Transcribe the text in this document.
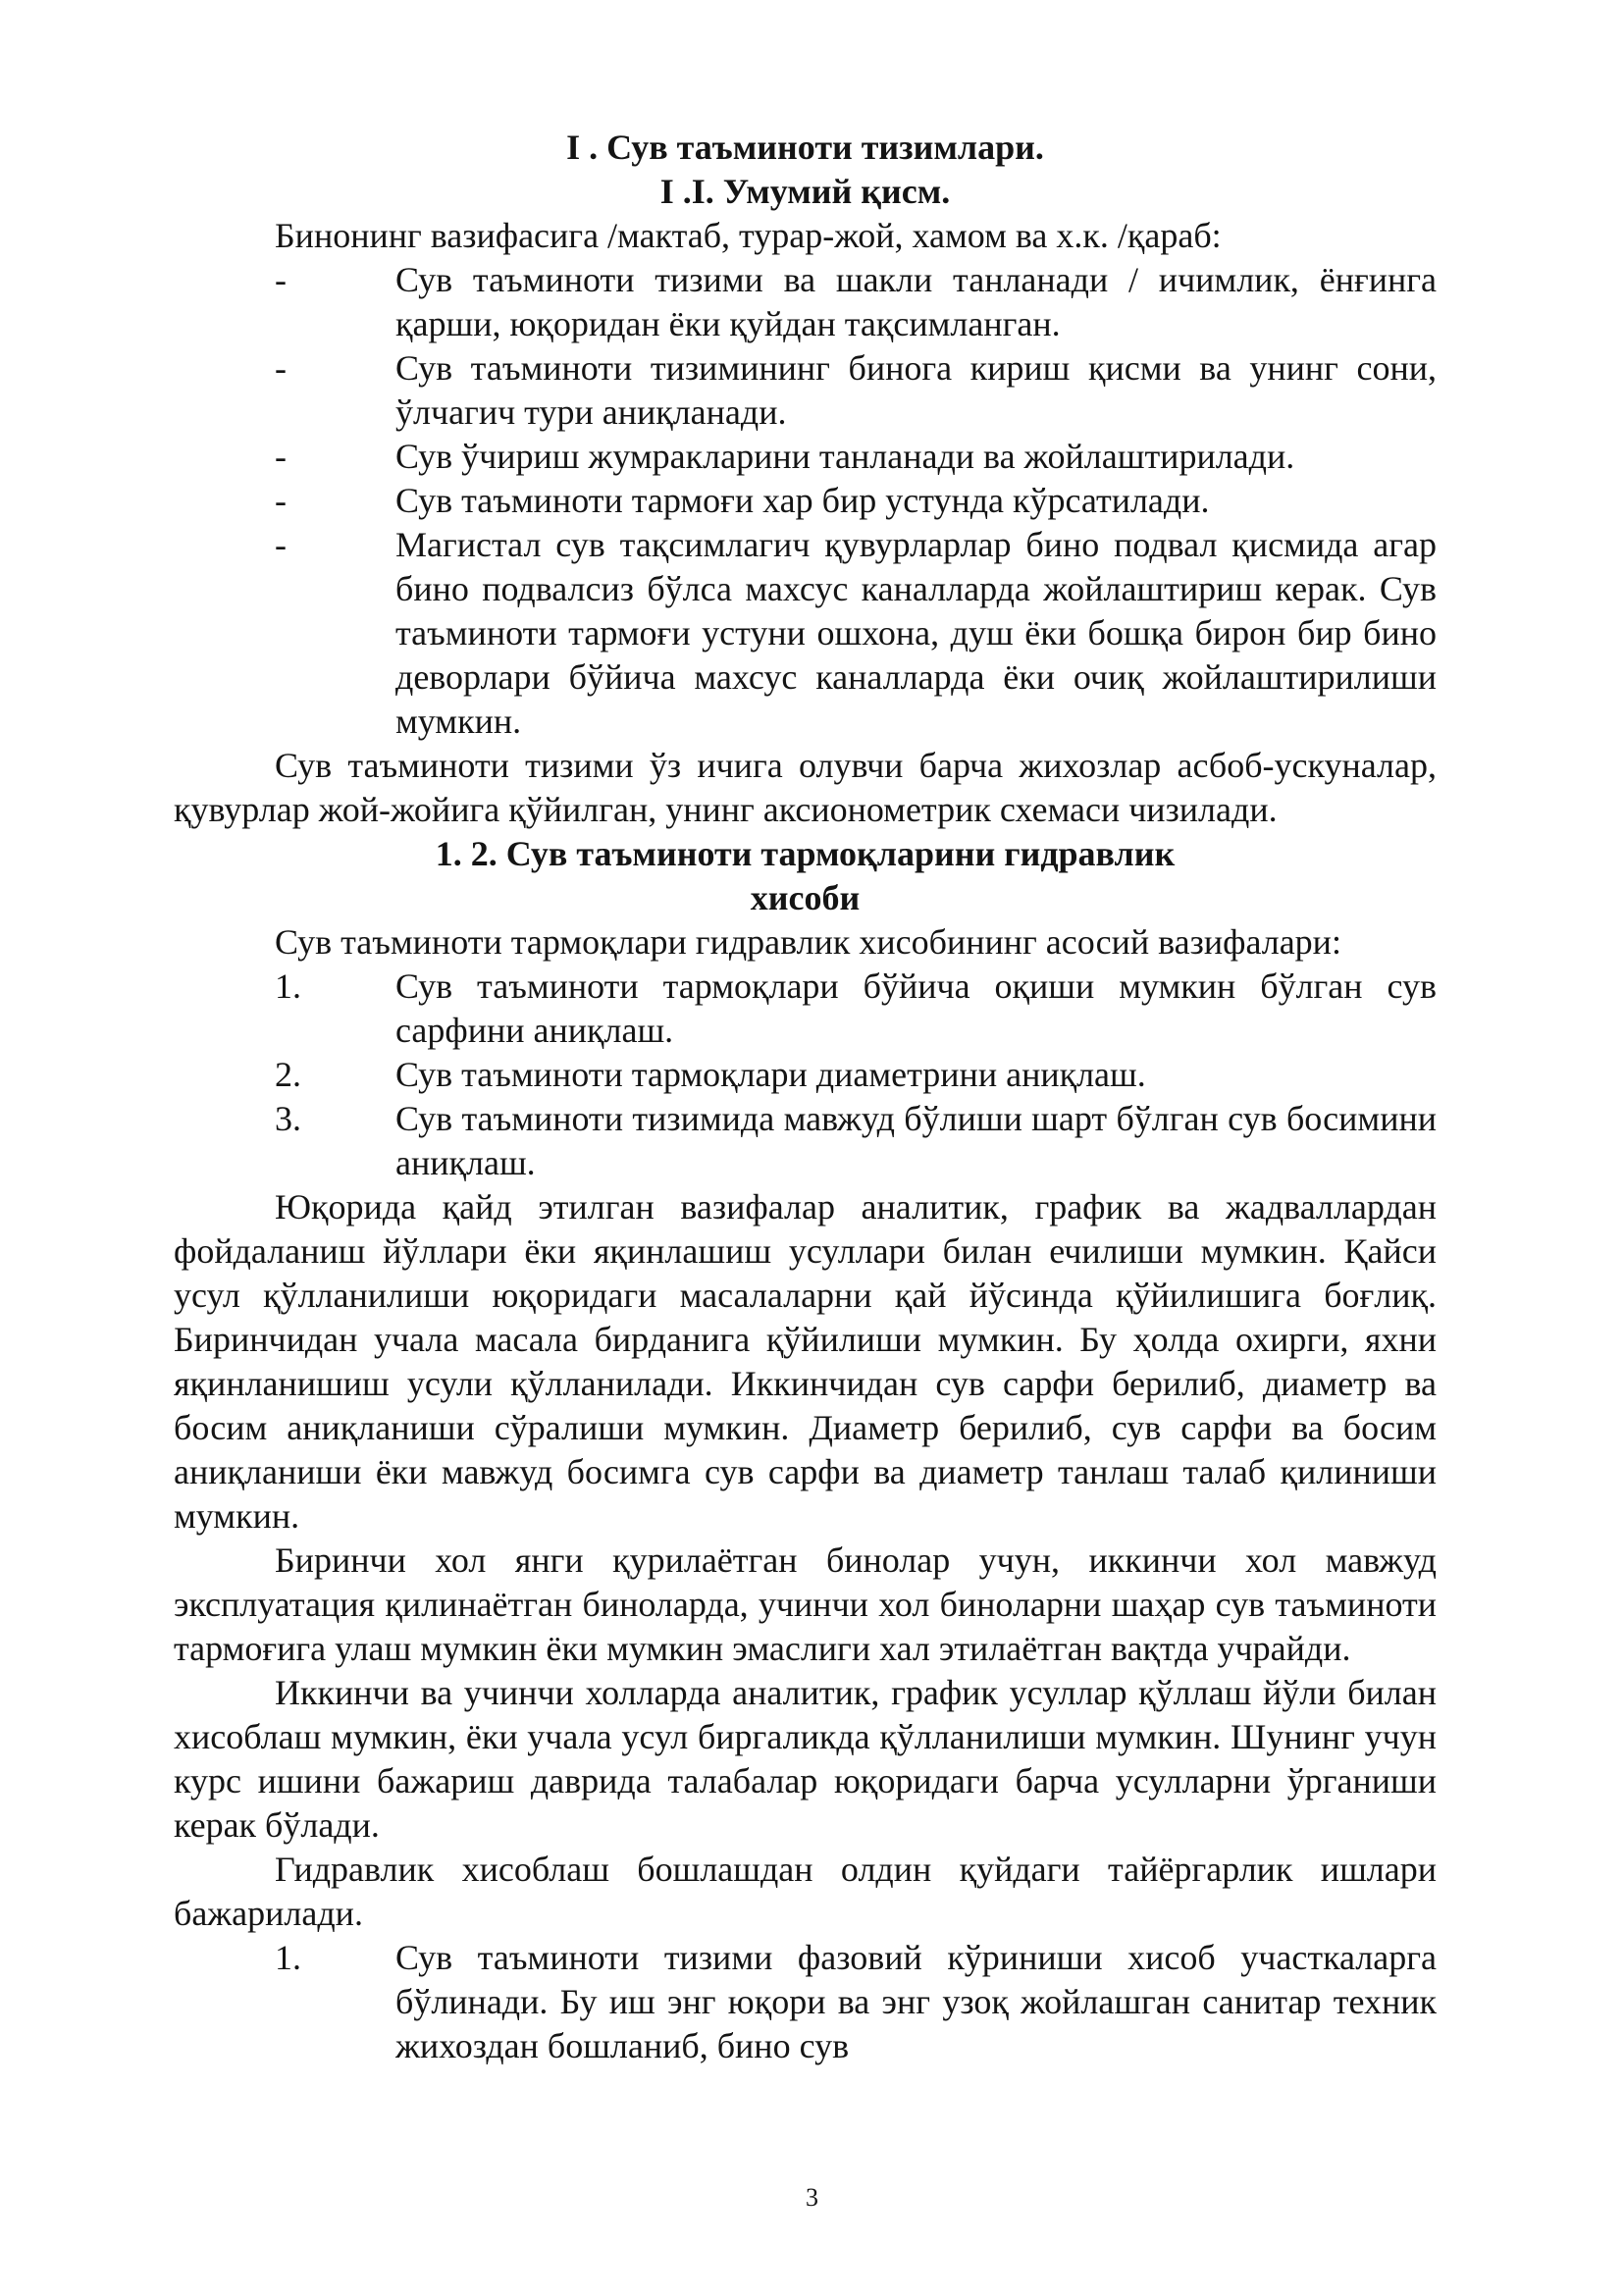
I . Сув таъминоти тизимлари.
I .I. Умумий қисм.
Бинонинг вазифасига /мактаб, турар-жой, хамом ва х.к. /қараб:
-	Сув таъминоти тизими ва шакли танланади / ичимлик, ёнғинга қарши, юқоридан ёки қуйдан тақсимланган.
-	Сув таъминоти тизимининг бинога кириш қисми ва унинг сони, ўлчагич тури аниқланади.
-	Сув ўчириш жумракларини танланади ва жойлаштирилади.
-	Сув таъминоти тармоғи хар бир устунда кўрсатилади.
-	Магистал сув тақсимлагич қувурларлар бино подвал қисмида агар бино подвалсиз бўлса махсус каналларда жойлаштириш керак. Сув таъминоти тармоғи устуни ошхона, душ ёки бошқа бирон бир бино деворлари бўйича махсус каналларда ёки очиқ жойлаштирилиши мумкин.
Сув таъминоти тизими ўз ичига олувчи барча жихозлар асбоб-ускуналар, қувурлар жой-жойига қўйилган, унинг аксионометрик схемаси чизилади.
1. 2. Сув таъминоти тармоқларини гидравлик
хисоби
Сув таъминоти тармоқлари гидравлик хисобининг асосий вазифалари:
1.	Сув таъминоти тармоқлари бўйича оқиши мумкин бўлган сув сарфини аниқлаш.
2.	Сув таъминоти тармоқлари диаметрини аниқлаш.
3.	Сув таъминоти тизимида мавжуд бўлиши шарт бўлган сув босимини аниқлаш.
Юқорида қайд этилган вазифалар аналитик, график ва жадваллардан фойдаланиш йўллари ёки яқинлашиш усуллари билан ечилиши мумкин. Қайси усул қўлланилиши юқоридаги масалаларни қай йўсинда қўйилишига боғлиқ. Биринчидан учала масала бирданига қўйилиши мумкин. Бу ҳолда охирги, яхни яқинланишиш усули қўлланилади. Иккинчидан сув сарфи берилиб, диаметр ва босим аниқланиши сўралиши мумкин. Диаметр берилиб, сув сарфи ва босим аниқланиши ёки мавжуд босимга сув сарфи ва диаметр танлаш талаб қилиниши мумкин.
Биринчи хол янги қурилаётган бинолар учун, иккинчи хол мавжуд эксплуатация қилинаётган биноларда, учинчи хол биноларни шаҳар сув таъминоти тармоғига улаш мумкин ёки мумкин эмаслиги хал этилаётган вақтда учрайди.
Иккинчи ва учинчи холларда аналитик, график усуллар қўллаш йўли билан хисоблаш мумкин, ёки учала усул биргаликда қўлланилиши мумкин. Шунинг учун курс ишини бажариш даврида талабалар юқоридаги барча усулларни ўрганиши керак бўлади.
Гидравлик хисоблаш бошлашдан олдин қуйдаги тайёргарлик ишлари бажарилади.
1.	Сув таъминоти тизими фазовий кўриниши хисоб участкаларга бўлинади. Бу иш энг юқори ва энг узоқ жойлашган санитар техник жихоздан бошланиб, бино сув
3
